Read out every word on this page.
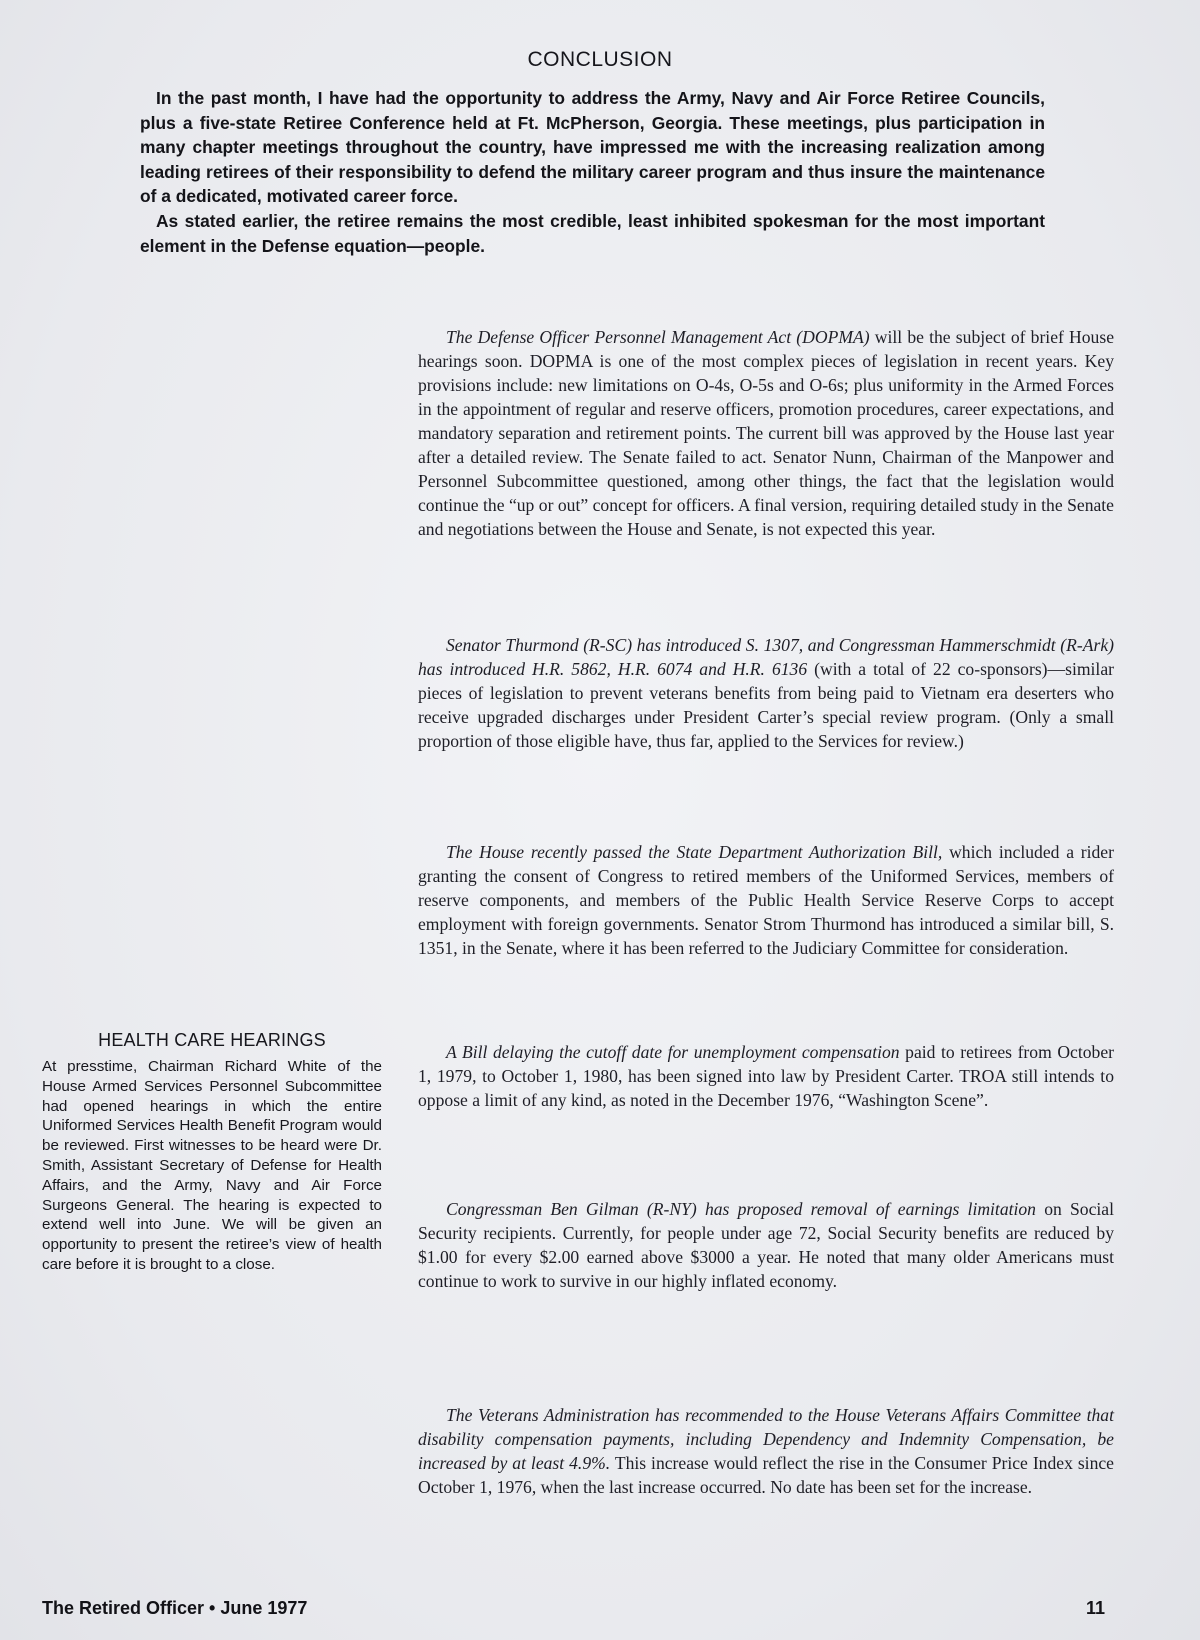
CONCLUSION

In the past month, I have had the opportunity to address the Army, Navy and Air Force Retiree Councils, plus a five-state Retiree Conference held at Ft. McPherson, Georgia. These meetings, plus participation in many chapter meetings throughout the country, have impressed me with the increasing realization among leading retirees of their responsibility to defend the military career program and thus insure the maintenance of a dedicated, motivated career force.

As stated earlier, the retiree remains the most credible, least inhibited spokesman for the most important element in the Defense equation—people.

The Defense Officer Personnel Management Act (DOPMA) will be the subject of brief House hearings soon. DOPMA is one of the most complex pieces of legislation in recent years. Key provisions include: new limitations on O-4s, O-5s and O-6s; plus uniformity in the Armed Forces in the appointment of regular and reserve officers, promotion procedures, career expectations, and mandatory separation and retirement points. The current bill was approved by the House last year after a detailed review. The Senate failed to act. Senator Nunn, Chairman of the Manpower and Personnel Subcommittee questioned, among other things, the fact that the legislation would continue the “up or out” concept for officers. A final version, requiring detailed study in the Senate and negotiations between the House and Senate, is not expected this year.

Senator Thurmond (R-SC) has introduced S. 1307, and Congressman Hammerschmidt (R-Ark) has introduced H.R. 5862, H.R. 6074 and H.R. 6136 (with a total of 22 co-sponsors)—similar pieces of legislation to prevent veterans benefits from being paid to Vietnam era deserters who receive upgraded discharges under President Carter’s special review program. (Only a small proportion of those eligible have, thus far, applied to the Services for review.)

The House recently passed the State Department Authorization Bill, which included a rider granting the consent of Congress to retired members of the Uniformed Services, members of reserve components, and members of the Public Health Service Reserve Corps to accept employment with foreign governments. Senator Strom Thurmond has introduced a similar bill, S. 1351, in the Senate, where it has been referred to the Judiciary Committee for consideration.

A Bill delaying the cutoff date for unemployment compensation paid to retirees from October 1, 1979, to October 1, 1980, has been signed into law by President Carter. TROA still intends to oppose a limit of any kind, as noted in the December 1976, “Washington Scene”.

Congressman Ben Gilman (R-NY) has proposed removal of earnings limitation on Social Security recipients. Currently, for people under age 72, Social Security benefits are reduced by $1.00 for every $2.00 earned above $3000 a year. He noted that many older Americans must continue to work to survive in our highly inflated economy.

The Veterans Administration has recommended to the House Veterans Affairs Committee that disability compensation payments, including Dependency and Indemnity Compensation, be increased by at least 4.9%. This increase would reflect the rise in the Consumer Price Index since October 1, 1976, when the last increase occurred. No date has been set for the increase.

HEALTH CARE HEARINGS

At presstime, Chairman Richard White of the House Armed Services Personnel Subcommittee had opened hearings in which the entire Uniformed Services Health Benefit Program would be reviewed. First witnesses to be heard were Dr. Smith, Assistant Secretary of Defense for Health Affairs, and the Army, Navy and Air Force Surgeons General. The hearing is expected to extend well into June. We will be given an opportunity to present the retiree’s view of health care before it is brought to a close.

The Retired Officer • June 1977	11
